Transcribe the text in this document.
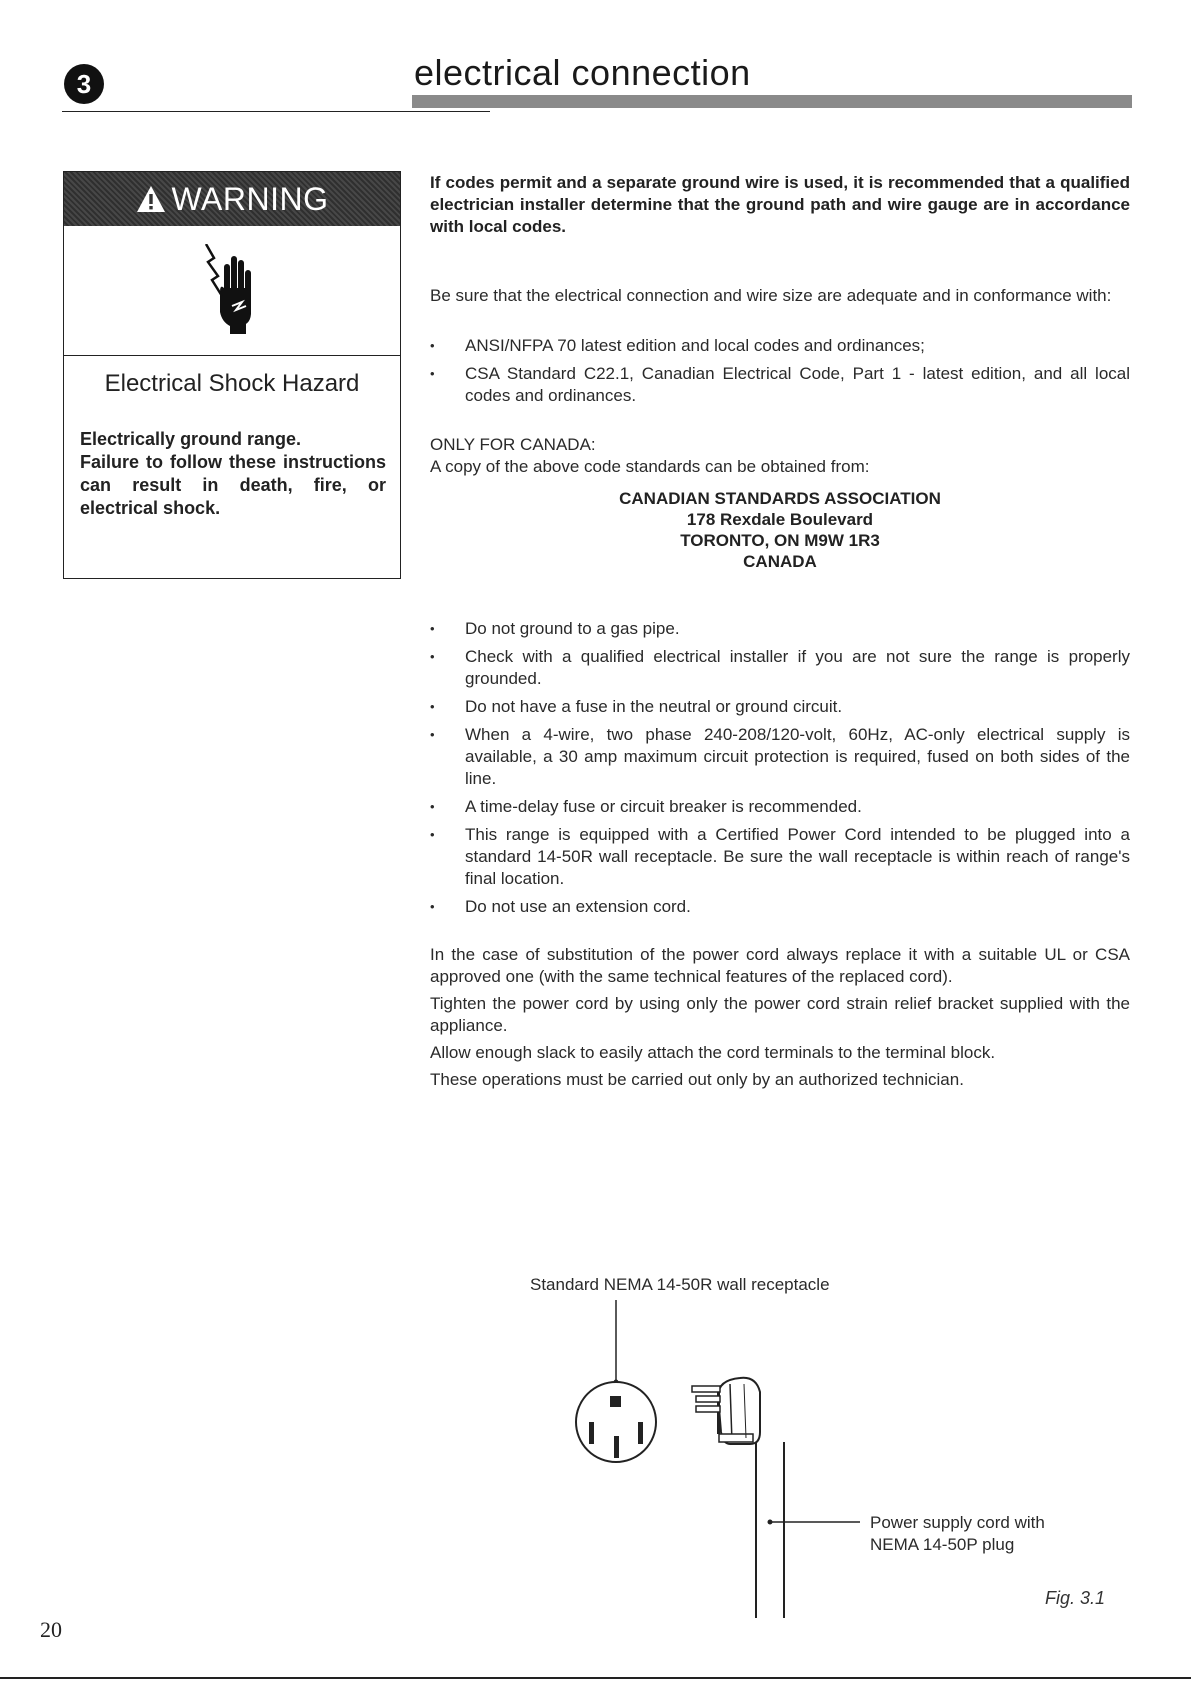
3	electrical connection
WARNING
Electrical Shock Hazard
Electrically ground range.
Failure to follow these instructions can result in death, fire, or electrical shock.
If codes permit and a separate ground wire is used, it is recommended that a qualified electrician installer determine that the ground path and wire gauge are in accordance with local codes.
Be sure that the electrical connection and wire size are adequate and in conformance with:
• ANSI/NFPA 70 latest edition and local codes and ordinances;
• CSA Standard C22.1, Canadian Electrical Code, Part 1 - latest edition, and all local codes and ordinances.
ONLY FOR CANADA:
A copy of the above code standards can be obtained from:
CANADIAN STANDARDS ASSOCIATION
178 Rexdale Boulevard
TORONTO, ON M9W 1R3
CANADA
• Do not ground to a gas pipe.
• Check with a qualified electrical installer if you are not sure the range is properly grounded.
• Do not have a fuse in the neutral or ground circuit.
• When a 4-wire, two phase 240-208/120-volt, 60Hz, AC-only electrical supply is available, a 30 amp maximum circuit protection is required, fused on both sides of the line.
• A time-delay fuse or circuit breaker is recommended.
• This range is equipped with a Certified Power Cord intended to be plugged into a standard 14-50R wall receptacle. Be sure the wall receptacle is within reach of range's final location.
• Do not use an extension cord.

In the case of substitution of the power cord always replace it with a suitable UL or CSA approved one (with the same technical features of the replaced cord).

Tighten the power cord by using only the power cord strain relief bracket supplied with the appliance.

Allow enough slack to easily attach the cord terminals to the terminal block.

These operations must be carried out only by an authorized technician.

Standard NEMA 14-50R wall receptacle
Power supply cord with
NEMA 14-50P plug
Fig. 3.1
20
